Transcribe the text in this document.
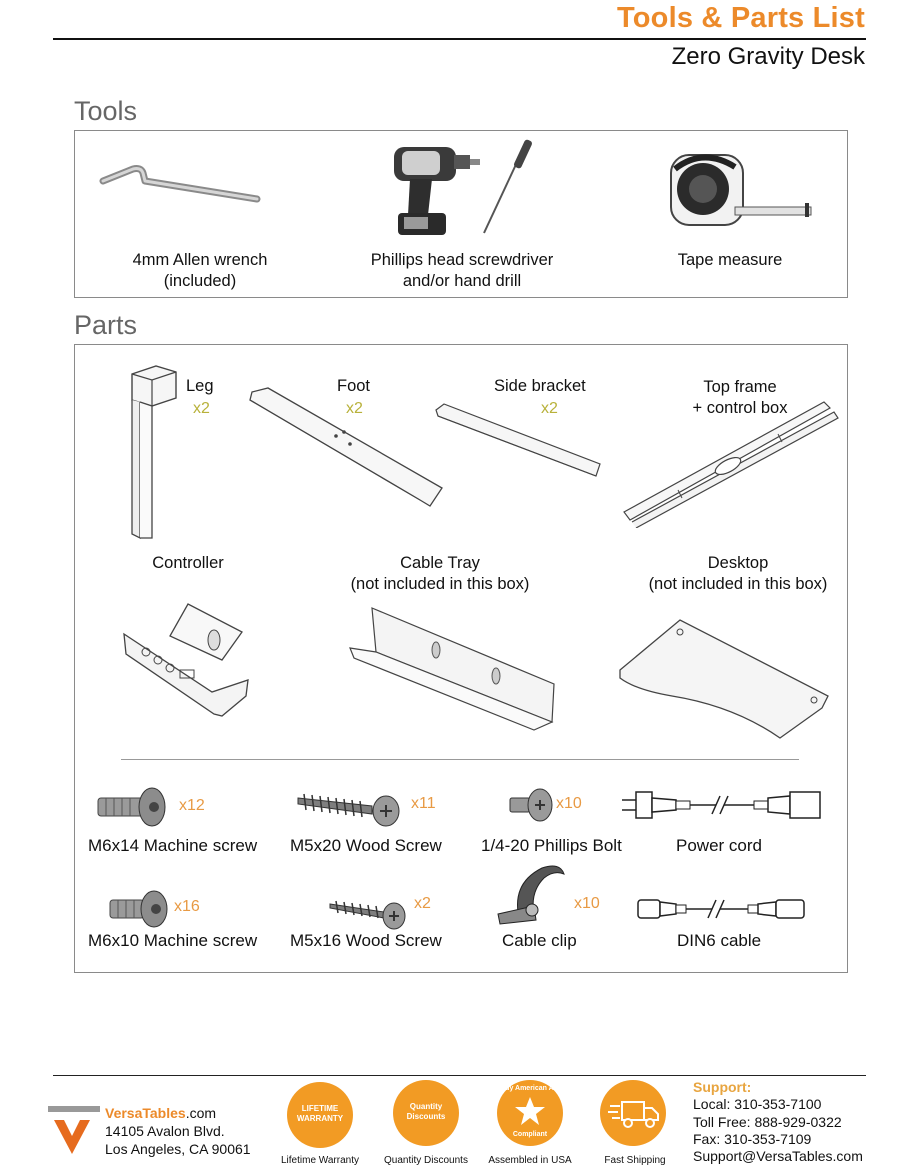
Tools & Parts List
Zero Gravity Desk
Tools
4mm Allen wrench
(included)
Phillips head screwdriver
and/or hand drill
Tape measure
Parts
Leg
x2
Foot
x2
Side bracket
x2
Top frame
+ control box
Controller	Cable Tray
(not included in this box)
Desktop
(not included in this box)
x12
M6x14 Machine screw
x11
M5x20 Wood Screw
x10
1/4-20 Phillips Bolt	Power cord
x16
M6x10 Machine screw
x2
M5x16 Wood Screw
x10
Cable clip	DIN6 cable
VersaTables.com
14105 Avalon Blvd.
Los Angeles, CA 90061
LIFETIME
WARRANTY
Lifetime Warranty
Quantity
Discounts
Quantity Discounts
Buy American Act
Compliant
Assembled in USA	Fast Shipping
Support:
Local: 310-353-7100
Toll Free: 888-929-0322
Fax: 310-353-7109
Support@VersaTables.com
